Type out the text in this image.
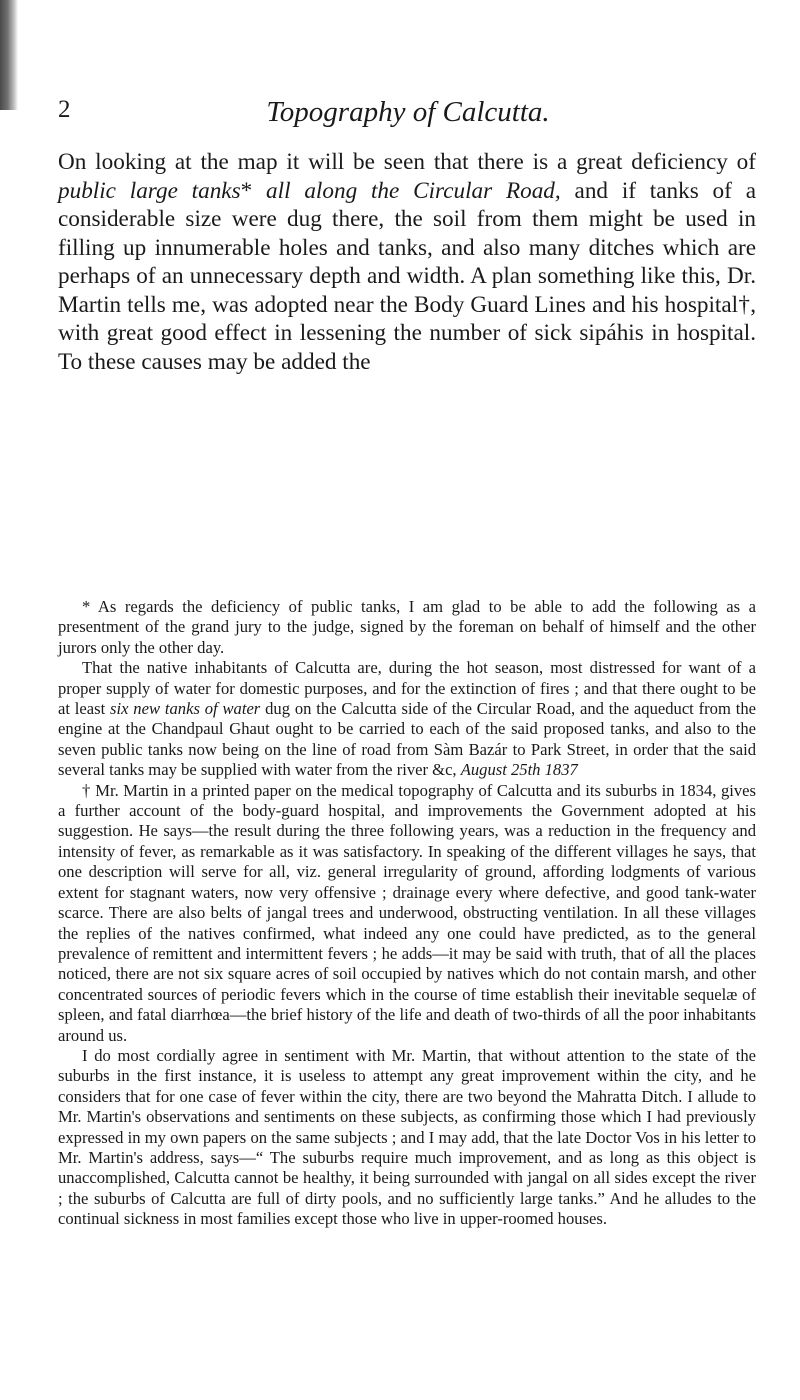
2	Topography of Calcutta.

On looking at the map it will be seen that there is a great deficiency of public large tanks* all along the Circular Road, and if tanks of a considerable size were dug there, the soil from them might be used in filling up innumerable holes and tanks, and also many ditches which are perhaps of an unnecessary depth and width. A plan something like this, Dr. Martin tells me, was adopted near the Body Guard Lines and his hospital†, with great good effect in lessening the number of sick sipáhis in hospital. To these causes may be added the

* As regards the deficiency of public tanks, I am glad to be able to add the following as a presentment of the grand jury to the judge, signed by the foreman on behalf of himself and the other jurors only the other day.

That the native inhabitants of Calcutta are, during the hot season, most distressed for want of a proper supply of water for domestic purposes, and for the extinction of fires ; and that there ought to be at least six new tanks of water dug on the Calcutta side of the Circular Road, and the aqueduct from the engine at the Chandpaul Ghaut ought to be carried to each of the said proposed tanks, and also to the seven public tanks now being on the line of road from Sàm Bazár to Park Street, in order that the said several tanks may be supplied with water from the river &c, August 25th 1837

† Mr. Martin in a printed paper on the medical topography of Calcutta and its suburbs in 1834, gives a further account of the body-guard hospital, and improvements the Government adopted at his suggestion. He says—the result during the three following years, was a reduction in the frequency and intensity of fever, as remarkable as it was satisfactory. In speaking of the different villages he says, that one description will serve for all, viz. general irregularity of ground, affording lodgments of various extent for stagnant waters, now very offensive ; drainage every where defective, and good tank-water scarce. There are also belts of jangal trees and underwood, obstructing ventilation. In all these villages the replies of the natives confirmed, what indeed any one could have predicted, as to the general prevalence of remittent and intermittent fevers ; he adds—it may be said with truth, that of all the places noticed, there are not six square acres of soil occupied by natives which do not contain marsh, and other concentrated sources of periodic fevers which in the course of time establish their inevitable sequelæ of spleen, and fatal diarrhœa—the brief history of the life and death of two-thirds of all the poor inhabitants around us.

I do most cordially agree in sentiment with Mr. Martin, that without attention to the state of the suburbs in the first instance, it is useless to attempt any great improvement within the city, and he considers that for one case of fever within the city, there are two beyond the Mahratta Ditch. I allude to Mr. Martin's observations and sentiments on these subjects, as confirming those which I had previously expressed in my own papers on the same subjects ; and I may add, that the late Doctor Vos in his letter to Mr. Martin's address, says—“ The suburbs require much improvement, and as long as this object is unaccomplished, Calcutta cannot be healthy, it being surrounded with jangal on all sides except the river ; the suburbs of Calcutta are full of dirty pools, and no sufficiently large tanks.” And he alludes to the continual sickness in most families except those who live in upper-roomed houses.
